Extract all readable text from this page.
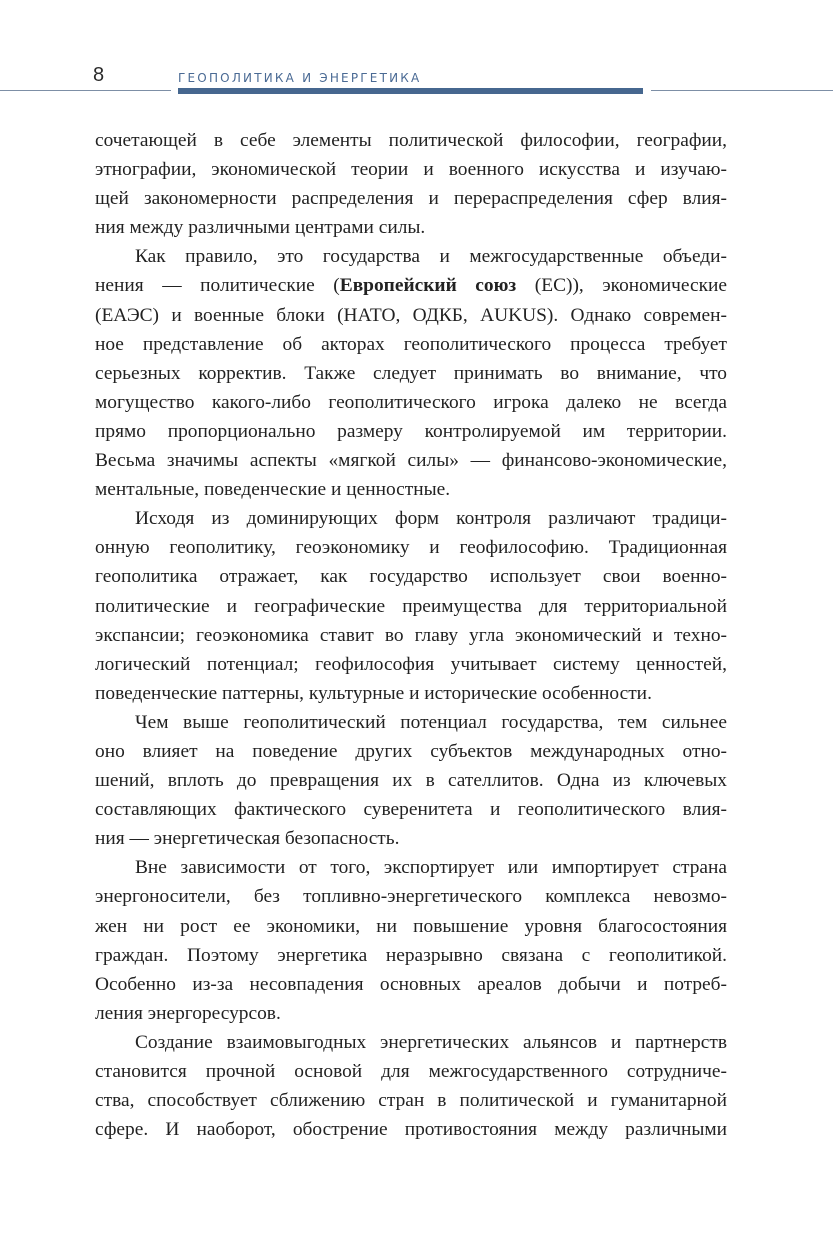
8	ГЕОПОЛИТИКА И ЭНЕРГЕТИКА
сочетающей в себе элементы политической философии, географии,
этнографии, экономической теории и военного искусства и изучаю-
щей закономерности распределения и перераспределения сфер влия-
ния между различными центрами силы.
Как правило, это государства и межгосударственные объеди-
нения — политические (Европейский союз (ЕС)), экономические
(ЕАЭС) и военные блоки (НАТО, ОДКБ, AUKUS). Однако современ-
ное представление об акторах геополитического процесса требует
серьезных корректив. Также следует принимать во внимание, что
могущество какого-либо геополитического игрока далеко не всегда
прямо пропорционально размеру контролируемой им территории.
Весьма значимы аспекты «мягкой силы» — финансово-экономические,
ментальные, поведенческие и ценностные.
Исходя из доминирующих форм контроля различают традици-
онную геополитику, геоэкономику и геофилософию. Традиционная
геополитика отражает, как государство использует свои военно-
политические и географические преимущества для территориальной
экспансии; геоэкономика ставит во главу угла экономический и техно-
логический потенциал; геофилософия учитывает систему ценностей,
поведенческие паттерны, культурные и исторические особенности.
Чем выше геополитический потенциал государства, тем сильнее
оно влияет на поведение других субъектов международных отно-
шений, вплоть до превращения их в сателлитов. Одна из ключевых
составляющих фактического суверенитета и геополитического влия-
ния — энергетическая безопасность.
Вне зависимости от того, экспортирует или импортирует страна
энергоносители, без топливно-энергетического комплекса невозмо-
жен ни рост ее экономики, ни повышение уровня благосостояния
граждан. Поэтому энергетика неразрывно связана с геополитикой.
Особенно из-за несовпадения основных ареалов добычи и потреб-
ления энергоресурсов.
Создание взаимовыгодных энергетических альянсов и партнерств
становится прочной основой для межгосударственного сотрудниче-
ства, способствует сближению стран в политической и гуманитарной
сфере. И наоборот, обострение противостояния между различными
